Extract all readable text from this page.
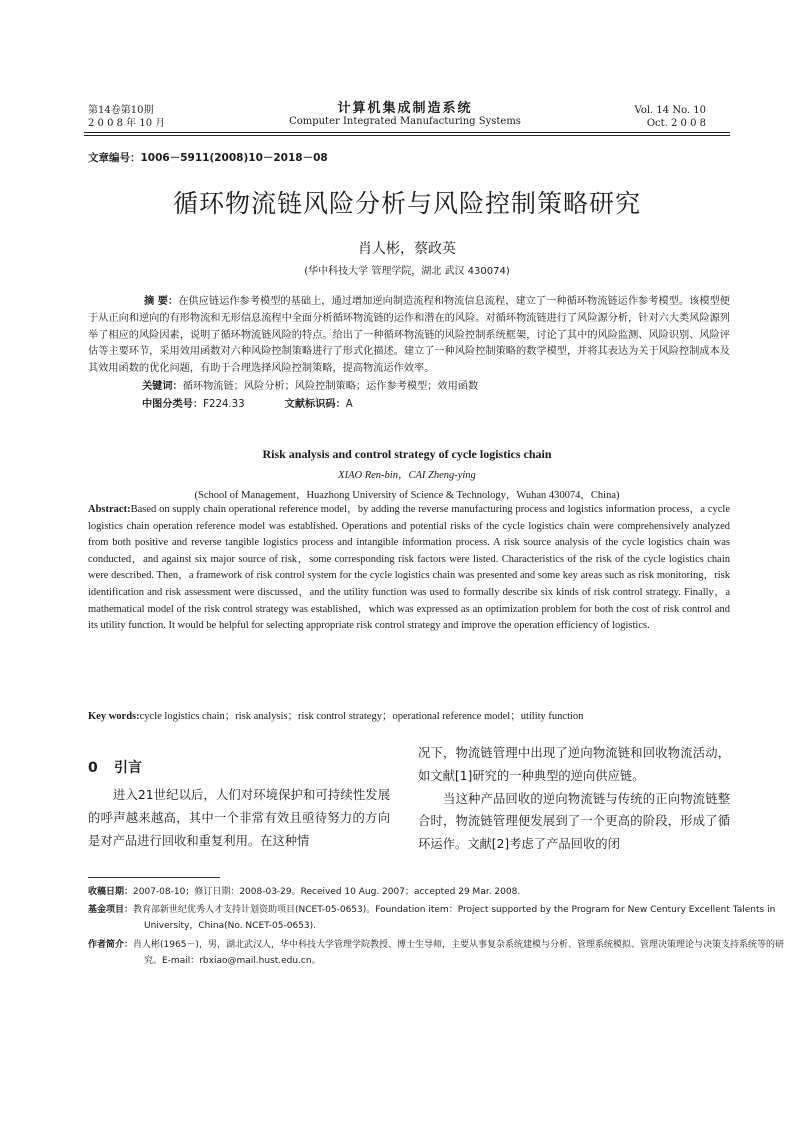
第14卷第10期
2 0 0 8 年 10 月
计算机集成制造系统
Computer Integrated Manufacturing Systems
Vol. 14 No. 10
Oct. 2 0 0 8
文章编号：1006－5911(2008)10－2018－08
循环物流链风险分析与风险控制策略研究
肖人彬，蔡政英
(华中科技大学 管理学院，湖北 武汉 430074)
摘 要：在供应链运作参考模型的基础上，通过增加逆向制造流程和物流信息流程，建立了一种循环物流链运作参考模型。该模型便于从正向和逆向的有形物流和无形信息流程中全面分析循环物流链的运作和潜在的风险。对循环物流链进行了风险源分析，针对六大类风险源列举了相应的风险因素，说明了循环物流链风险的特点。给出了一种循环物流链的风险控制系统框架，讨论了其中的风险监测、风险识别、风险评估等主要环节，采用效用函数对六种风险控制策略进行了形式化描述。建立了一种风险控制策略的数学模型，并将其表达为关于风险控制成本及其效用函数的优化问题，有助于合理选择风险控制策略，提高物流运作效率。
关键词：循环物流链；风险分析；风险控制策略；运作参考模型；效用函数
中图分类号：F224.33	文献标识码：A
Risk analysis and control strategy of cycle logistics chain
XIAO Ren-bin，CAI Zheng-ying
(School of Management，Huazhong University of Science & Technology，Wuhan 430074，China)
Abstract:Based on supply chain operational reference model，by adding the reverse manufacturing process and logistics information process，a cycle logistics chain operation reference model was established. Operations and potential risks of the cycle logistics chain were comprehensively analyzed from both positive and reverse tangible logistics process and intangible information process. A risk source analysis of the cycle logistics chain was conducted，and against six major source of risk，some corresponding risk factors were listed. Characteristics of the risk of the cycle logistics chain were described. Then，a framework of risk control system for the cycle logistics chain was presented and some key areas such as risk monitoring，risk identification and risk assessment were discussed，and the utility function was used to formally describe six kinds of risk control strategy. Finally，a mathematical model of the risk control strategy was established，which was expressed as an optimization problem for both the cost of risk control and its utility function. It would be helpful for selecting appropriate risk control strategy and improve the operation efficiency of logistics.
Key words:cycle logistics chain；risk analysis；risk control strategy；operational reference model；utility function
0 引言

进入21世纪以后，人们对环境保护和可持续性发展的呼声越来越高，其中一个非常有效且亟待努力的方向是对产品进行回收和重复利用。在这种情

况下，物流链管理中出现了逆向物流链和回收物流活动，如文献[1]研究的一种典型的逆向供应链。

当这种产品回收的逆向物流链与传统的正向物流链整合时，物流链管理便发展到了一个更高的阶段，形成了循环运作。文献[2]考虑了产品回收的闭

收稿日期：2007-08-10；修订日期：2008-03-29。Received 10 Aug. 2007；accepted 29 Mar. 2008.
基金项目：教育部新世纪优秀人才支持计划资助项目(NCET-05-0653)。Foundation item：Project supported by the Program for New Century Excellent Talents in University，China(No. NCET-05-0653).
作者简介：肖人彬(1965－)，男，湖北武汉人，华中科技大学管理学院教授、博士生导师，主要从事复杂系统建模与分析、管理系统模拟、管理决策理论与决策支持系统等的研究。E-mail：rbxiao@mail.hust.edu.cn。
